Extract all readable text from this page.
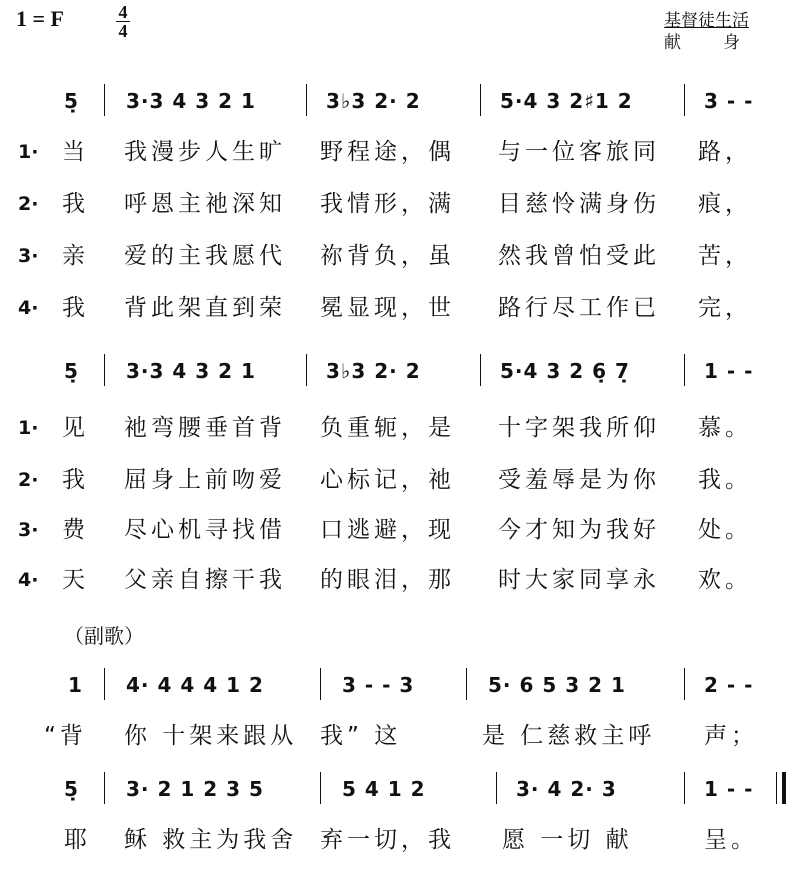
1 = F	4
4	基督徒生活
献 身
5̣ 3·3 4 3 2 1	3♭3 2· 2	5·4 3 2♯1 2	3 - -
1· 当 我漫步人生旷 野程途，偶 与一位客旅同 路，
2· 我 呼恩主祂深知 我情形，满 目慈怜满身伤 痕，
3· 亲 爱的主我愿代 祢背负，虽 然我曾怕受此 苦，
4· 我 背此架直到荣 冕显现，世 路行尽工作已 完，
5̣ 3·3 4 3 2 1	3♭3 2· 2	5·4 3 2 6̣ 7̣	1 - -
1· 见 祂弯腰垂首背 负重轭，是 十字架我所仰 慕。
2· 我 屈身上前吻爱 心标记，祂 受羞辱是为你 我。
3· 费 尽心机寻找借 口逃避，现 今才知为我好 处。
4· 天 父亲自擦干我 的眼泪，那 时大家同享永 欢。
（副歌）
1 4· 4 4 4 1 2	3 - - 3	5· 6 5 3 2 1	2 - -
“背 你 十架来跟从 我” 这	是 仁慈救主呼 声；
5̣ 3· 2 1 2 3 5	5 4 1 2	3· 4 2· 3	1 - -
耶 稣 救主为我舍 弃一切，我 愿 一切 献	呈。
